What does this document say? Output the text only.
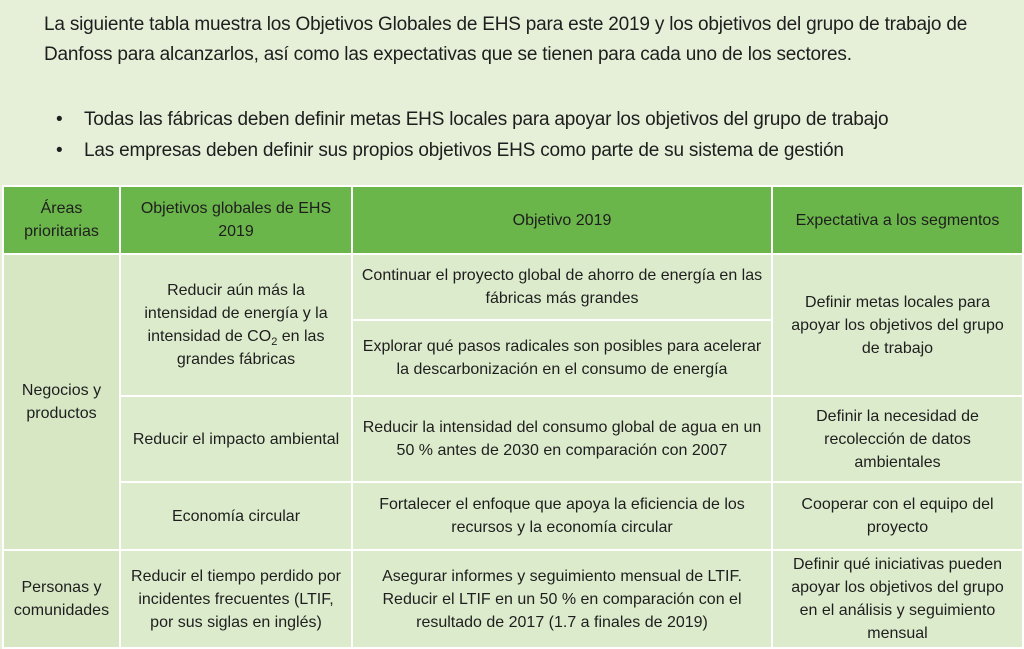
La siguiente tabla muestra los Objetivos Globales de EHS para este 2019 y los objetivos del grupo de trabajo de Danfoss para alcanzarlos, así como las expectativas que se tienen para cada uno de los sectores.
• Todas las fábricas deben definir metas EHS locales para apoyar los objetivos del grupo de trabajo
• Las empresas deben definir sus propios objetivos EHS como parte de su sistema de gestión
Áreas prioritarias	Objetivos globales de EHS 2019	Objetivo 2019	Expectativa a los segmentos
Negocios y productos	Reducir aún más la intensidad de energía y la intensidad de $CO_2$ en las grandes fábricas	Continuar el proyecto global de ahorro de energía en las fábricas más grandes	Definir metas locales para apoyar los objetivos del grupo de trabajo
		Explorar qué pasos radicales son posibles para acelerar la descarbonización en el consumo de energía	
	Reducir el impacto ambiental	Reducir la intensidad del consumo global de agua en un 50 % antes de 2030 en comparación con 2007	Definir la necesidad de recolección de datos ambientales
	Economía circular	Fortalecer el enfoque que apoya la eficiencia de los recursos y la economía circular	Cooperar con el equipo del proyecto
Personas y comunidades	Reducir el tiempo perdido por incidentes frecuentes (LTIF, por sus siglas en inglés)	Asegurar informes y seguimiento mensual de LTIF. Reducir el LTIF en un 50 % en comparación con el resultado de 2017 (1.7 a finales de 2019)	Definir qué iniciativas pueden apoyar los objetivos del grupo en el análisis y seguimiento mensual
